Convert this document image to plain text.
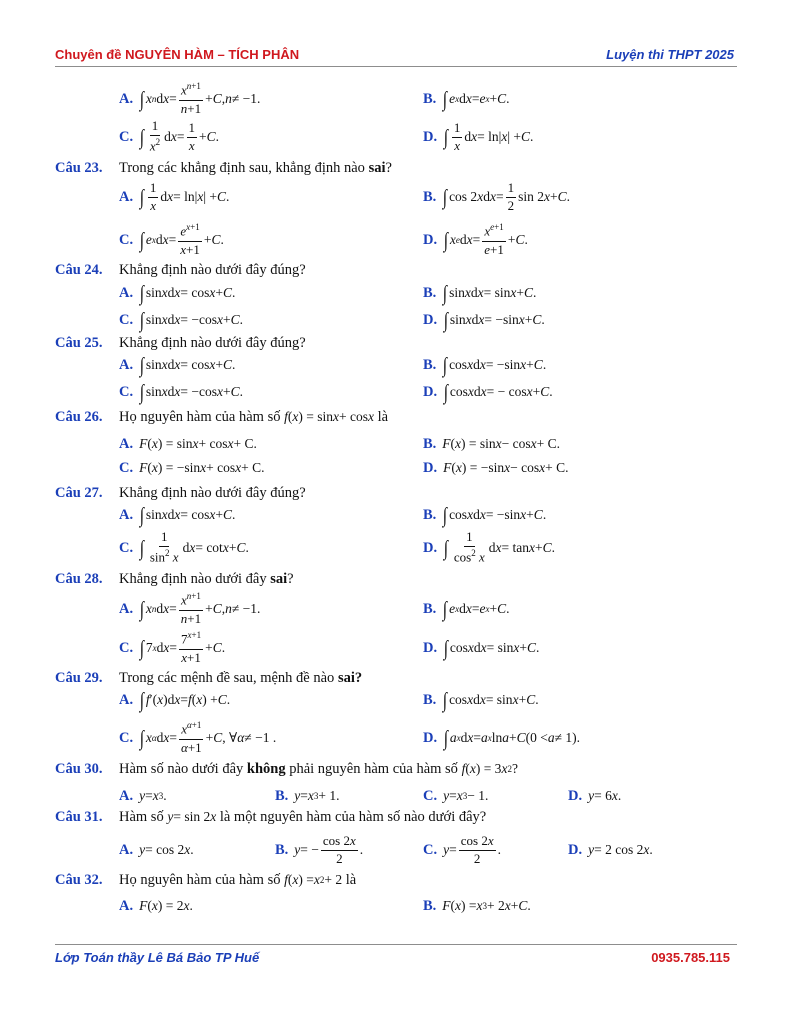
Chuyên đề NGUYÊN HÀM – TÍCH PHÂN	Luyện thi THPT 2025
A. ∫ x n d $x = \frac{x^{n+1}}{n+1} + C$ , n ≠ −1.	B. ∫ e x d x = e x + C .
C. ∫ $\frac{1}{x^2}$ d $x = \frac{1}{x} + C$ .	D. ∫ $\frac{1}{x}$ d x = ln| x | + C .
Câu 23.	Trong các khẳng định sau, khẳng định nào sai?
A. ∫ $\frac{1}{x}$ d x = ln| x | + C .	B. ∫ cos 2 x d $x = \frac{1}{2}$ sin 2 x + C .
C. ∫ e x d $x = \frac{e^{x+1}}{x+1} + C$ .	D. ∫ x e d $x = \frac{x^{e+1}}{e+1} + C$ .
Câu 24.	Khẳng định nào dưới đây đúng?
A. ∫ sin x d x = cos x + C .	B. ∫ sin x d x = sin x + C .
C. ∫ sin x d x = −cos x + C .	D. ∫ sin x d x = −sin x + C .
Câu 25.	Khẳng định nào dưới đây đúng?
A. ∫ sin x d x = cos x + C .	B. ∫ cos x d x = −sin x + C .
C. ∫ sin x d x = −cos x + C .	D. ∫ cos x d x = − cos x + C .
Câu 26.	Họ nguyên hàm của hàm số f ( x ) = sin x + cos x là
A. F ( x ) = sin x + cos x + C.	B. F ( x ) = sin x − cos x + C.
C. F ( x ) = −sin x + cos x + C.	D. F ( x ) = −sin x − cos x + C.
Câu 27.	Khẳng định nào dưới đây đúng?
A. ∫ sin x d x = cos x + C .	B. ∫ cos x d x = −sin x + C .
C. ∫ $\frac{1}{\sin^2 x}$ d x = cot x + C .	D. ∫ $\frac{1}{\cos^2 x}$ d x = tan x + C .
Câu 28.	Khẳng định nào dưới đây sai?
A. ∫ x n d $x = \frac{x^{n+1}}{n+1} + C$ , n ≠ −1.	B. ∫ e x d x = e x + C .
C. ∫ 7 x d $x = \frac{7^{x+1}}{x+1} + C$ .	D. ∫ cos x d x = sin x + C .
Câu 29.	Trong các mệnh đề sau, mệnh đề nào sai?
A. ∫ f ′( x )d x = f ( x ) + C .	B. ∫ cos x d x = sin x + C .
C. ∫ x α d $x = \frac{x^{\alpha+1}}{\alpha+1} + C$ , ∀ α ≠ −1 .	D. ∫ a x d x = a x ln a + C (0 < a ≠ 1).
Câu 30.	Hàm số nào dưới đây không phải nguyên hàm của hàm số f ( x ) = 3 x 2 ?
A. y = x 3 .	B. y = x 3 + 1.	C. y = x 3 − 1.	D. y = 6 x .
Câu 31.	Hàm số y = sin 2 x là một nguyên hàm của hàm số nào dưới đây?
A. y = cos 2 x .	B. y = − $\frac{\cos 2x}{2}$ .	C. $y = \frac{\cos 2x}{2}$ .	D. y = 2 cos 2 x .
Câu 32.	Họ nguyên hàm của hàm số f ( x ) = x 2 + 2 là
A. F ( x ) = 2 x .	B. F ( x ) = x 3 + 2 x + C .
Lớp Toán thầy Lê Bá Bảo TP Huế	0935.785.115
